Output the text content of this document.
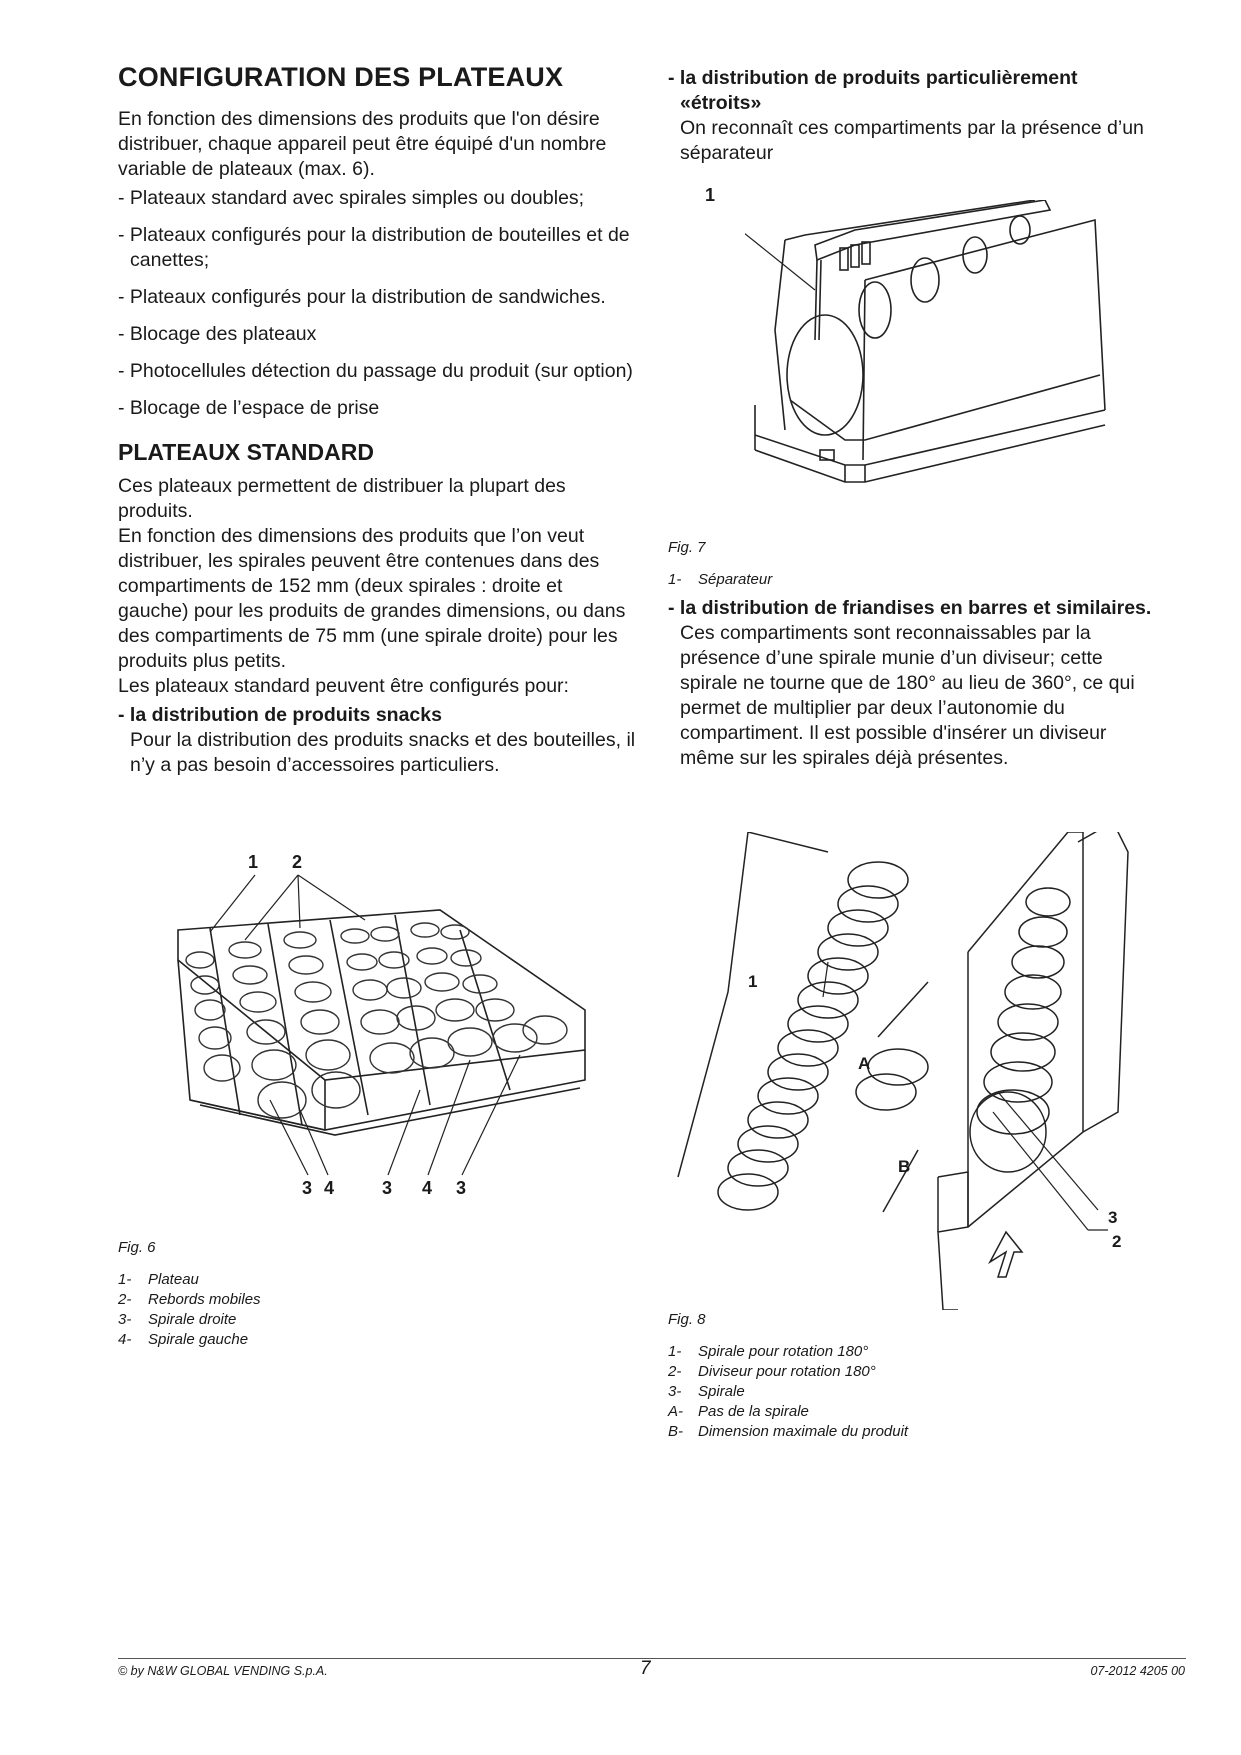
CONFIGURATION DES PLATEAUX

En fonction des dimensions des produits que l'on désire distribuer, chaque appareil peut être équipé d'un nombre variable de plateaux (max. 6).

- Plateaux standard avec spirales simples ou doubles;

- Plateaux configurés pour la distribution de bouteilles et de canettes;

- Plateaux configurés pour la distribution de sandwiches.

- Blocage des plateaux

- Photocellules détection du passage du produit (sur option)

- Blocage de l’espace de prise

PLATEAUX STANDARD

Ces plateaux permettent de distribuer la plupart des produits.

En fonction des dimensions des produits que l’on veut distribuer, les spirales peuvent être contenues dans des compartiments de 152 mm (deux spirales : droite et gauche) pour les produits de grandes dimensions, ou dans des compartiments de 75 mm (une spirale droite) pour les produits plus petits.

Les plateaux standard peuvent être configurés pour:

- la distribution de produits snacks

Pour la distribution des produits snacks et des bouteilles, il n’y a pas besoin d’accessoires particuliers.

1 2
3 4	3 4 3
Fig. 6
1-	Plateau
2-	Rebords mobiles
3-	Spirale droite
4-	Spirale gauche

- la distribution de produits particulièrement «étroits»

On reconnaît ces compartiments par la présence d’un séparateur

1
Fig. 7
1-	Séparateur

- la distribution de friandises en barres et similaires.

Ces compartiments sont reconnaissables par la présence d’une spirale munie d’un diviseur; cette spirale ne tourne que de 180° au lieu de 360°, ce qui permet de multiplier par deux l’autonomie du compartiment. Il est possible d'insérer un diviseur même sur les spirales déjà présentes.

1
A
B
3
2
Fig. 8
1-	Spirale pour rotation 180°
2-	Diviseur pour rotation 180°
3-	Spirale
A-	Pas de la spirale
B-	Dimension maximale du produit
© by N&W GLOBAL VENDING S.p.A.	7	07-2012 4205 00
